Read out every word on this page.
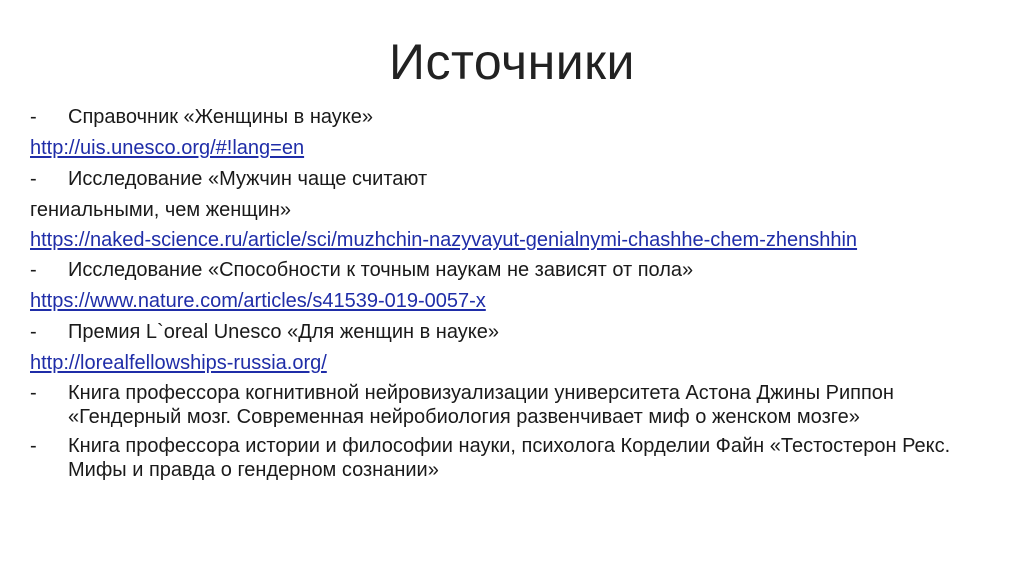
Источники
- Справочник «Женщины в науке»
http://uis.unesco.org/#!lang=en
- Исследование «Мужчин чаще считают
гениальными, чем женщин»
https://naked-science.ru/article/sci/muzhchin-nazyvayut-genialnymi-chashhe-chem-zhenshhin
- Исследование «Способности к точным наукам не зависят от пола»
https://www.nature.com/articles/s41539-019-0057-x
- Премия L`oreal Unesco «Для женщин в науке»
http://lorealfellowships-russia.org/
- Книга профессора когнитивной нейровизуализации университета Астона Джины Риппон «Гендерный мозг. Современная нейробиология развенчивает миф о женском мозге»
- Книга профессора истории и философии науки, психолога Корделии Файн «Тестостерон Рекс. Мифы и правда о гендерном сознании»
